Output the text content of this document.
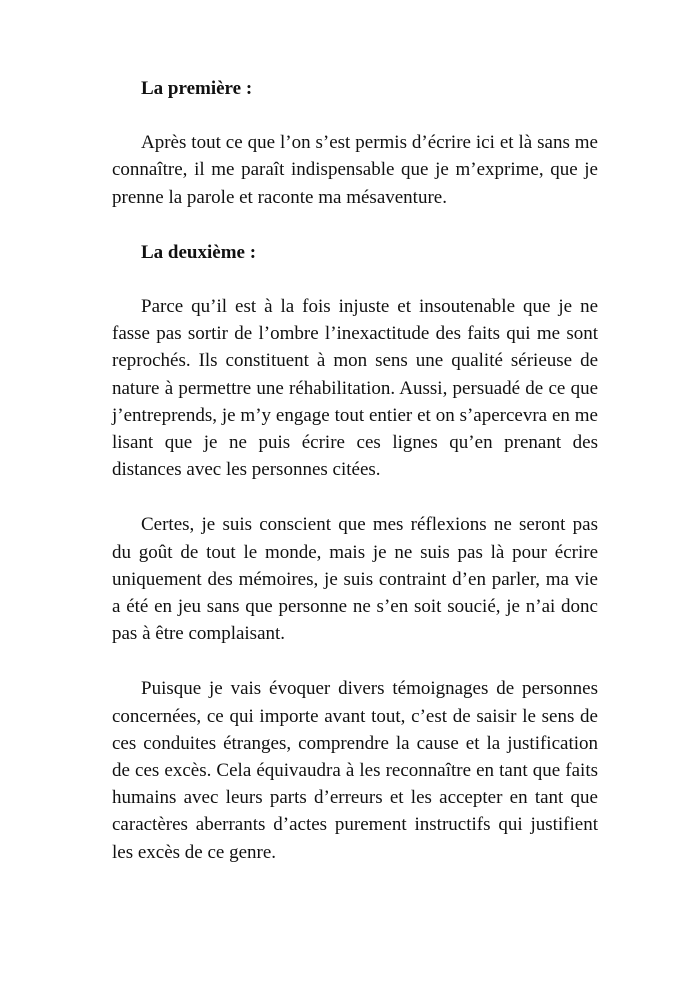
La première :

Après tout ce que l’on s’est permis d’écrire ici et là sans me connaître, il me paraît indispensable que je m’exprime, que je prenne la parole et raconte ma mésaventure.

La deuxième :

Parce qu’il est à la fois injuste et insoutenable que je ne fasse pas sortir de l’ombre l’inexactitude des faits qui me sont reprochés. Ils constituent à mon sens une qualité sérieuse de nature à permettre une réhabilitation. Aussi, persuadé de ce que j’entreprends, je m’y engage tout entier et on s’apercevra en me lisant que je ne puis écrire ces lignes qu’en prenant des distances avec les personnes citées.

Certes, je suis conscient que mes réflexions ne seront pas du goût de tout le monde, mais je ne suis pas là pour écrire uniquement des mémoires, je suis contraint d’en parler, ma vie a été en jeu sans que personne ne s’en soit soucié, je n’ai donc pas à être complaisant.

Puisque je vais évoquer divers témoignages de personnes concernées, ce qui importe avant tout, c’est de saisir le sens de ces conduites étranges, comprendre la cause et la justification de ces excès. Cela équivaudra à les reconnaître en tant que faits humains avec leurs parts d’erreurs et les accepter en tant que caractères aberrants d’actes purement instructifs qui justifient les excès de ce genre.
